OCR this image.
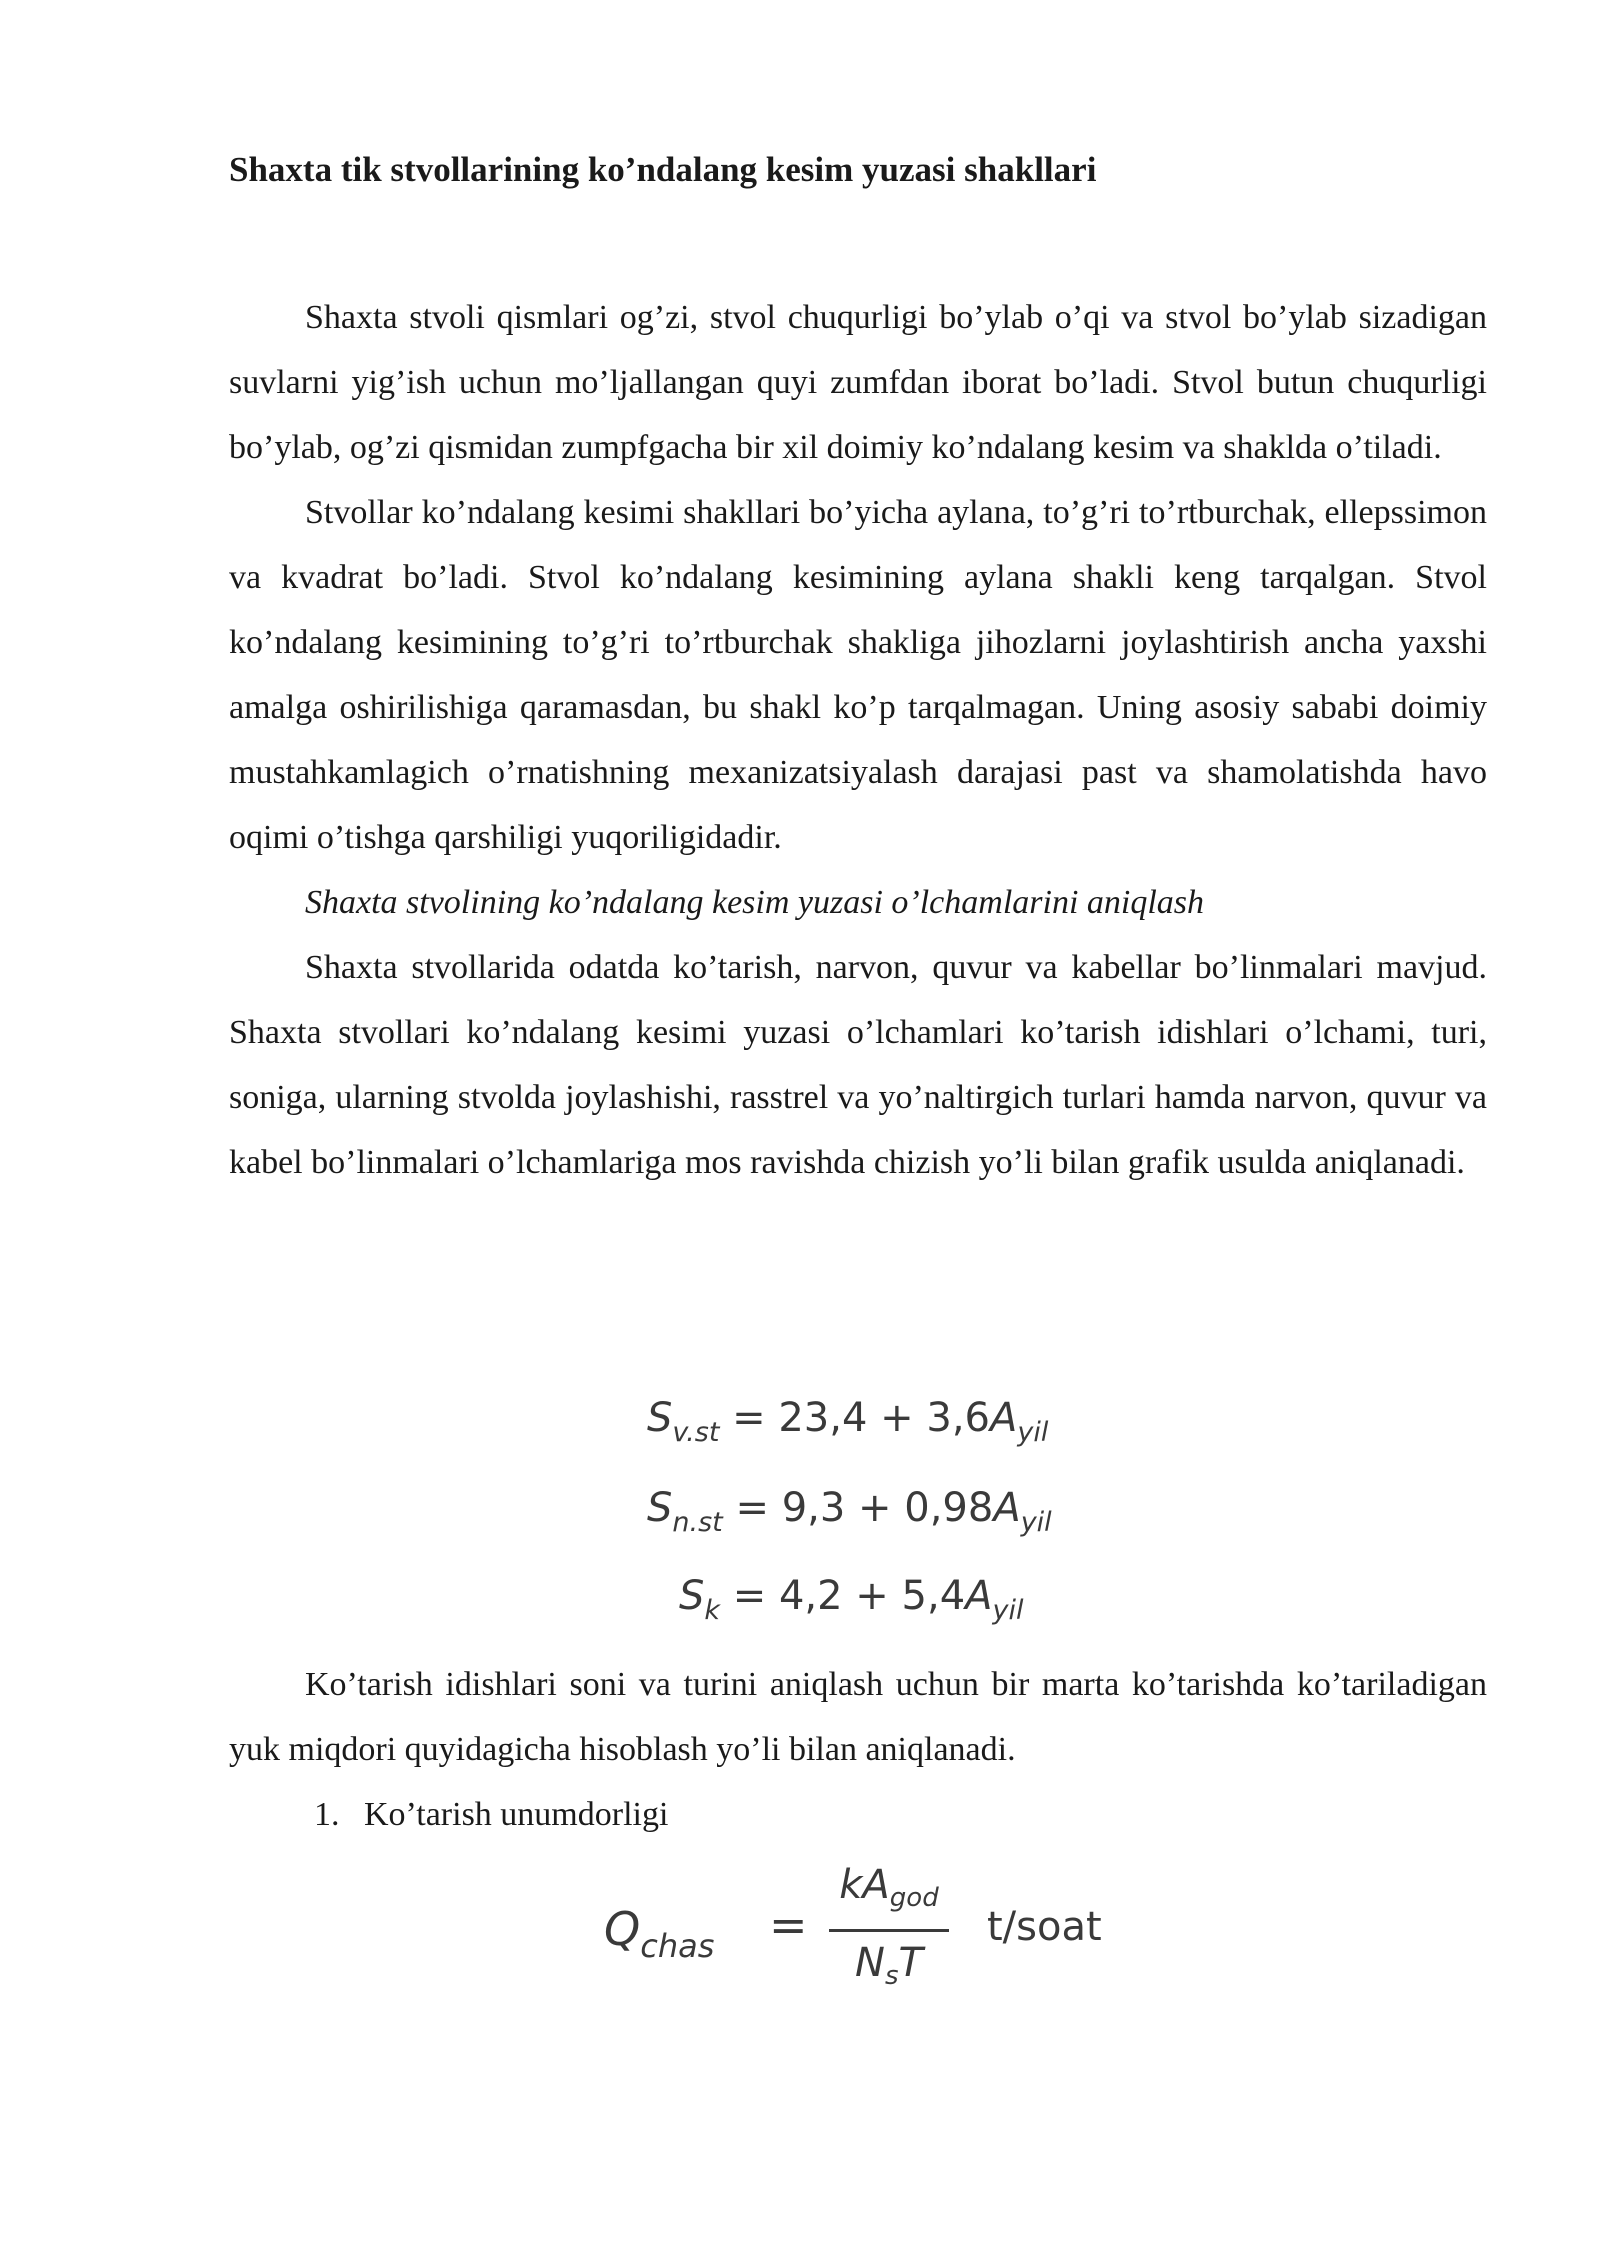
Shaxta tik stvollarining ko’ndalang kesim yuzasi shakllari

Shaxta stvoli qismlari og’zi, stvol chuqurligi bo’ylab o’qi va stvol bo’ylab sizadigan suvlarni yig’ish uchun mo’ljallangan quyi zumfdan iborat bo’ladi. Stvol butun chuqurligi bo’ylab, og’zi qismidan zumpfgacha bir xil doimiy ko’ndalang kesim va shaklda o’tiladi.

Stvollar ko’ndalang kesimi shakllari bo’yicha aylana, to’g’ri to’rtburchak, ellepssimon va kvadrat bo’ladi. Stvol ko’ndalang kesimining aylana shakli keng tarqalgan. Stvol ko’ndalang kesimining to’g’ri to’rtburchak shakliga jihozlarni joylashtirish ancha yaxshi amalga oshirilishiga qaramasdan, bu shakl ko’p tarqalmagan. Uning asosiy sababi doimiy mustahkamlagich o’rnatishning mexanizatsiyalash darajasi past va shamolatishda havo oqimi o’tishga qarshiligi yuqoriligidadir.

Shaxta stvolining ko’ndalang kesim yuzasi o’lchamlarini aniqlash

Shaxta stvollarida odatda ko’tarish, narvon, quvur va kabellar bo’linmalari mavjud. Shaxta stvollari ko’ndalang kesimi yuzasi o’lchamlari ko’tarish idishlari o’lchami, turi, soniga, ularning stvolda joylashishi, rasstrel va yo’naltirgich turlari hamda narvon, quvur va kabel bo’linmalari o’lchamlariga mos ravishda chizish yo’li bilan grafik usulda aniqlanadi.

$S_{v.st} = 23,4 + 3,6A_{yil}$
$S_{n.st} = 9,3 + 0,98A_{yil}$
$S_k = 4,2 + 5,4A_{yil}$

Ko’tarish idishlari soni va turini aniqlash uchun bir marta ko’tarishda ko’tariladigan yuk miqdori quyidagicha hisoblash yo’li bilan aniqlanadi.

1. Ko’tarish unumdorligi
$Q_{chas}$ =
$kA_{god}$
$N_sT$
t/soat
